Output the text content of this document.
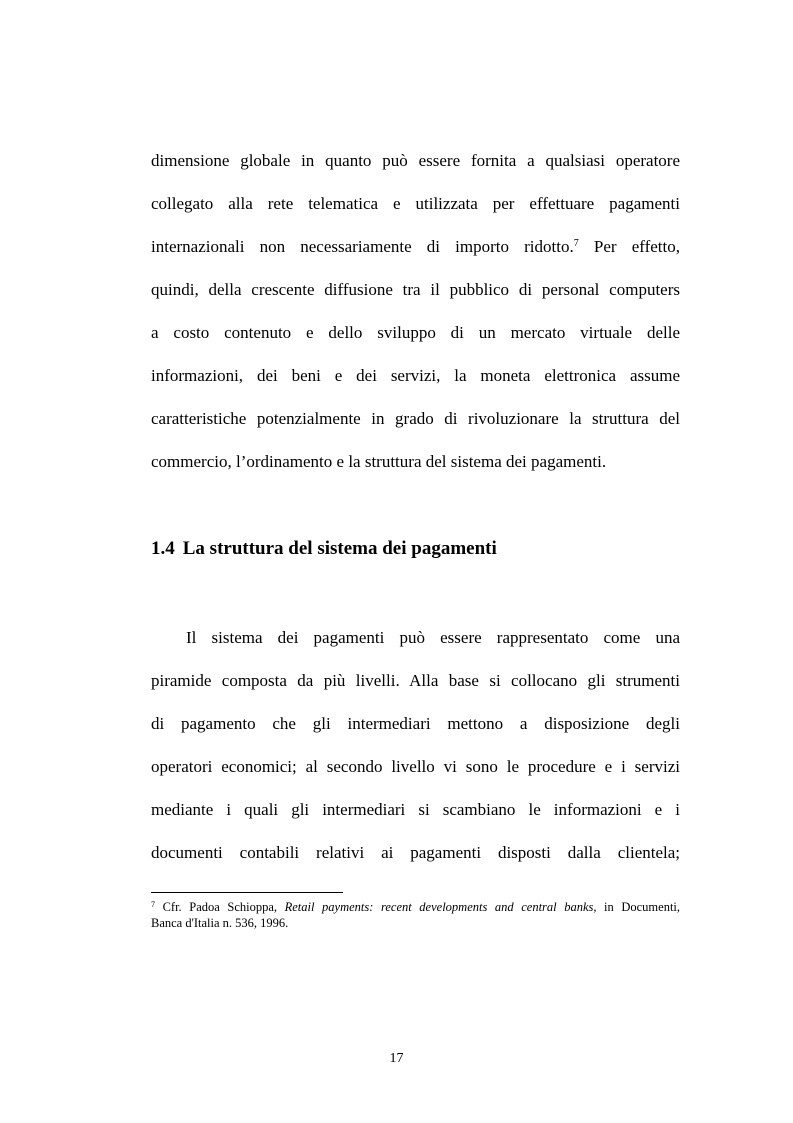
dimensione globale in quanto può essere fornita a qualsiasi operatore
collegato alla rete telematica e utilizzata per effettuare pagamenti
internazionali non necessariamente di importo ridotto.$^7$ Per effetto,
quindi, della crescente diffusione tra il pubblico di personal computers
a costo contenuto e dello sviluppo di un mercato virtuale delle
informazioni, dei beni e dei servizi, la moneta elettronica assume
caratteristiche potenzialmente in grado di rivoluzionare la struttura del
commercio, l’ordinamento e la struttura del sistema dei pagamenti.
1.4 La struttura del sistema dei pagamenti
Il sistema dei pagamenti può essere rappresentato come una
piramide composta da più livelli. Alla base si collocano gli strumenti
di pagamento che gli intermediari mettono a disposizione degli
operatori economici; al secondo livello vi sono le procedure e i servizi
mediante i quali gli intermediari si scambiano le informazioni e i
documenti contabili relativi ai pagamenti disposti dalla clientela;
$^7$ Cfr. Padoa Schioppa, Retail payments: recent developments and central banks, in Documenti,
Banca d'Italia n. 536, 1996.
17
